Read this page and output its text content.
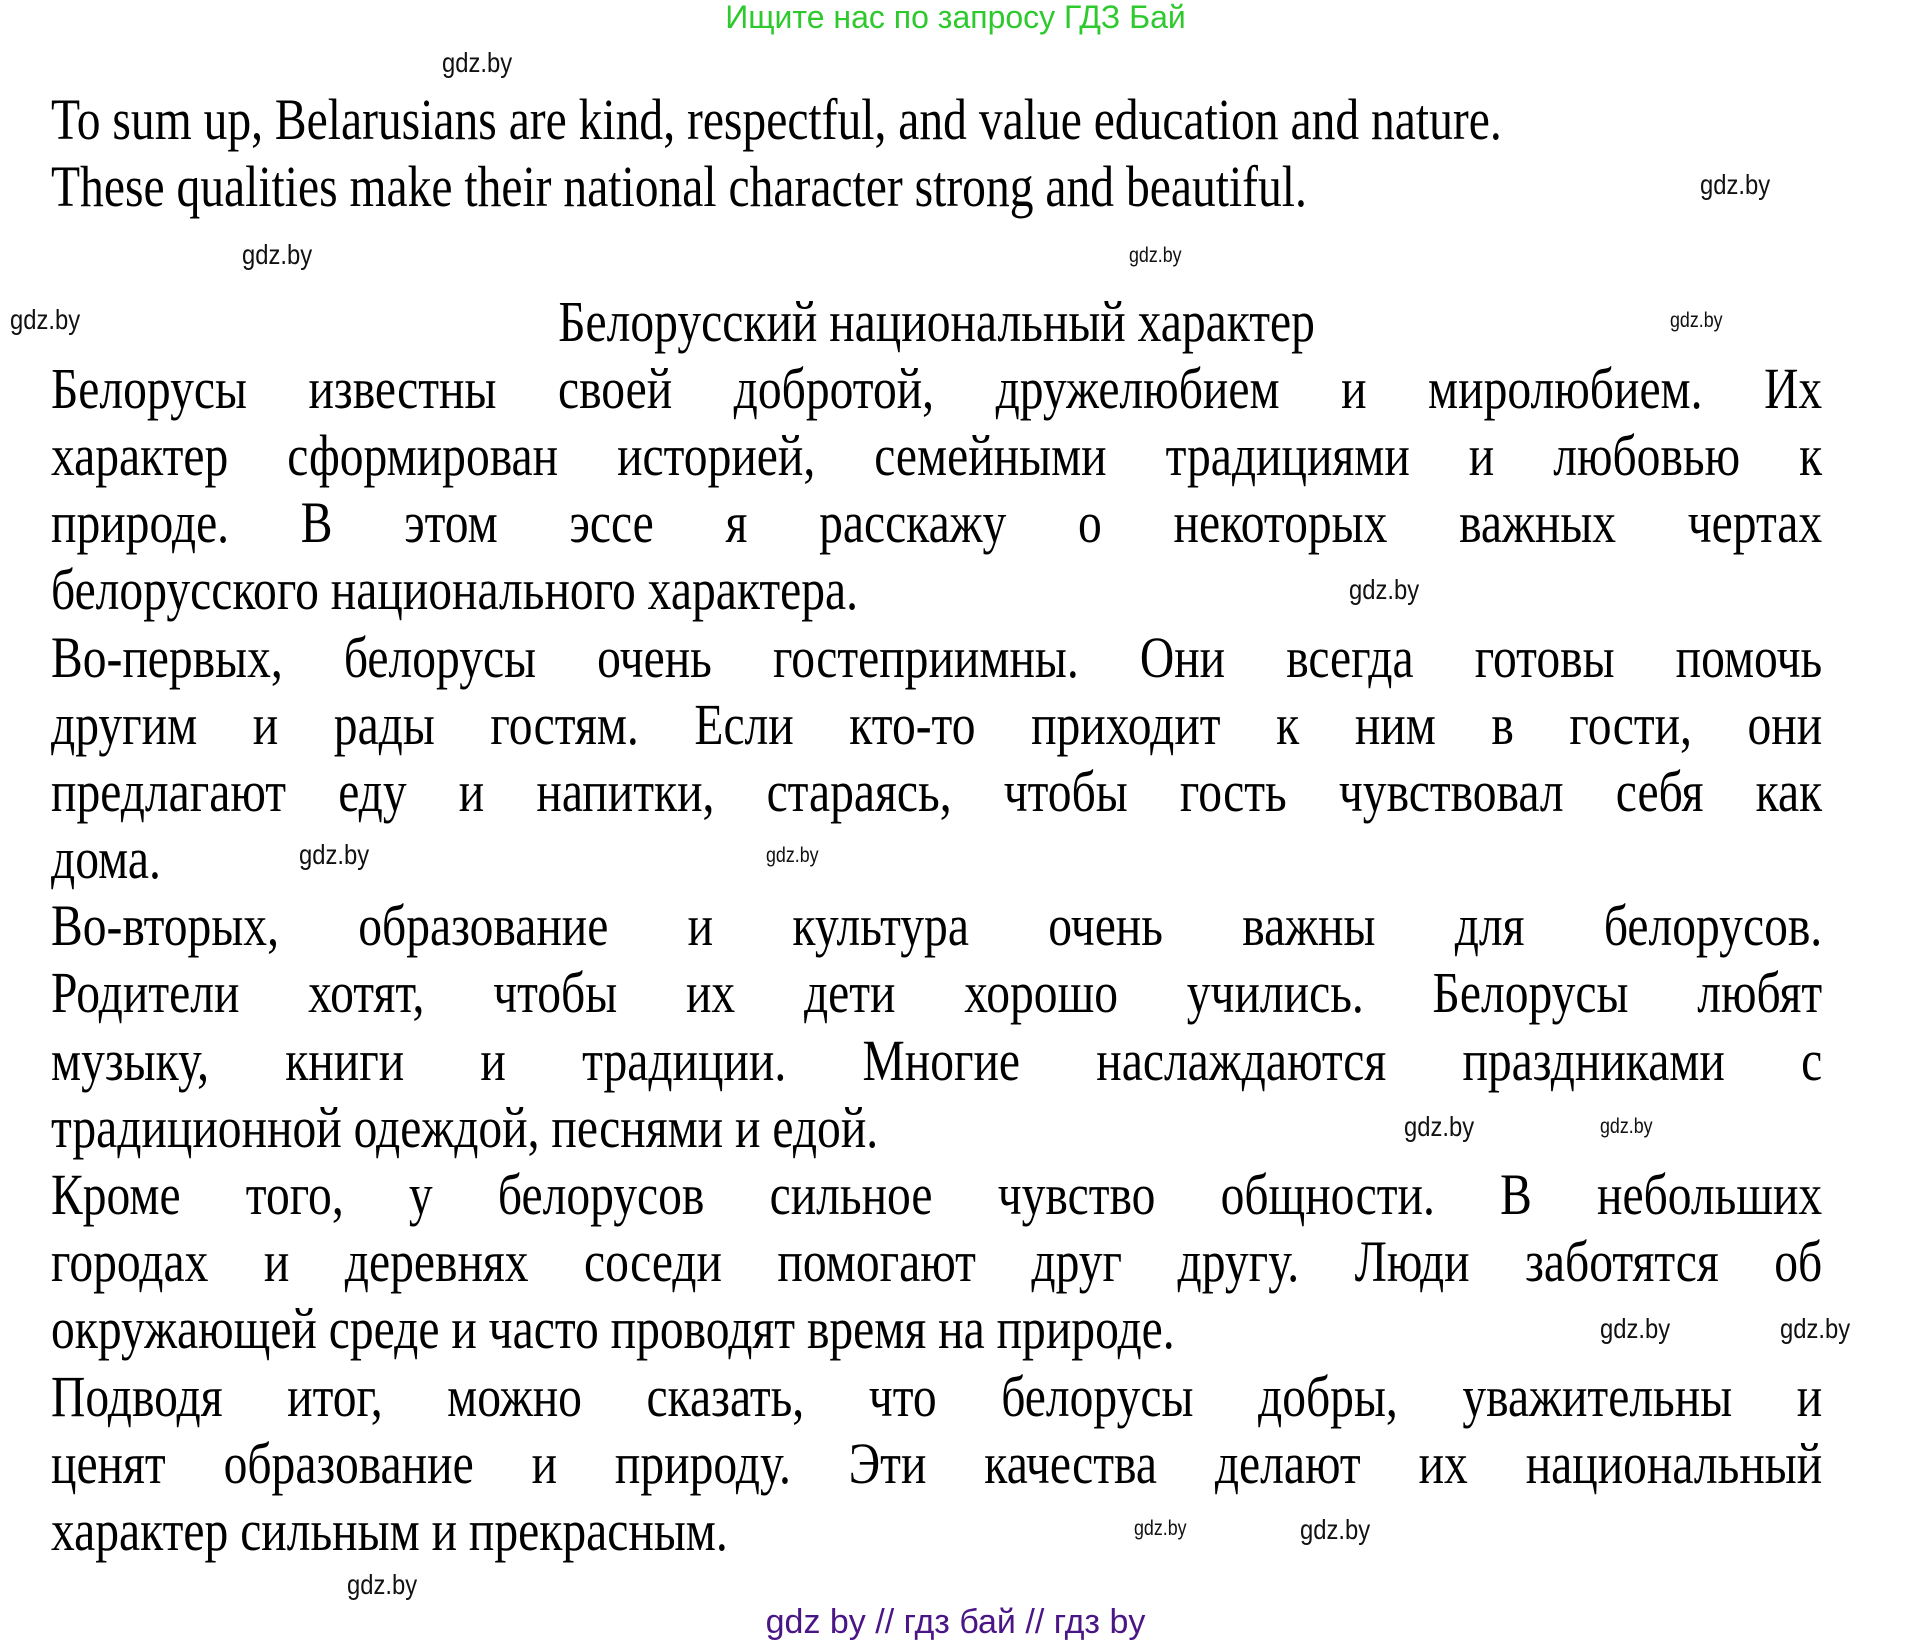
Ищите нас по запросу ГДЗ Бай
To sum up, Belarusians are kind, respectful, and value education and nature.
These qualities make their national character strong and beautiful.
Белорусский национальный характер
Белорусы известны своей добротой, дружелюбием и миролюбием. Их
характер сформирован историей, семейными традициями и любовью к
природе. В этом эссе я расскажу о некоторых важных чертах
белорусского национального характера.
Во-первых, белорусы очень гостеприимны. Они всегда готовы помочь
другим и рады гостям. Если кто-то приходит к ним в гости, они
предлагают еду и напитки, стараясь, чтобы гость чувствовал себя как
дома.
Во-вторых, образование и культура очень важны для белорусов.
Родители хотят, чтобы их дети хорошо учились. Белорусы любят
музыку, книги и традиции. Многие наслаждаются праздниками с
традиционной одеждой, песнями и едой.
Кроме того, у белорусов сильное чувство общности. В небольших
городах и деревнях соседи помогают друг другу. Люди заботятся об
окружающей среде и часто проводят время на природе.
Подводя итог, можно сказать, что белорусы добры, уважительны и
ценят образование и природу. Эти качества делают их национальный
характер сильным и прекрасным.
gdz.by
gdz.by
gdz.by	gdz.by
gdz.by	gdz.by
gdz.by
gdz.by
gdz.by
gdz.by	gdz.by
gdz.by	gdz.by
gdz.by	gdz.by
gdz.by
gdz by // гдз бай // гдз by
